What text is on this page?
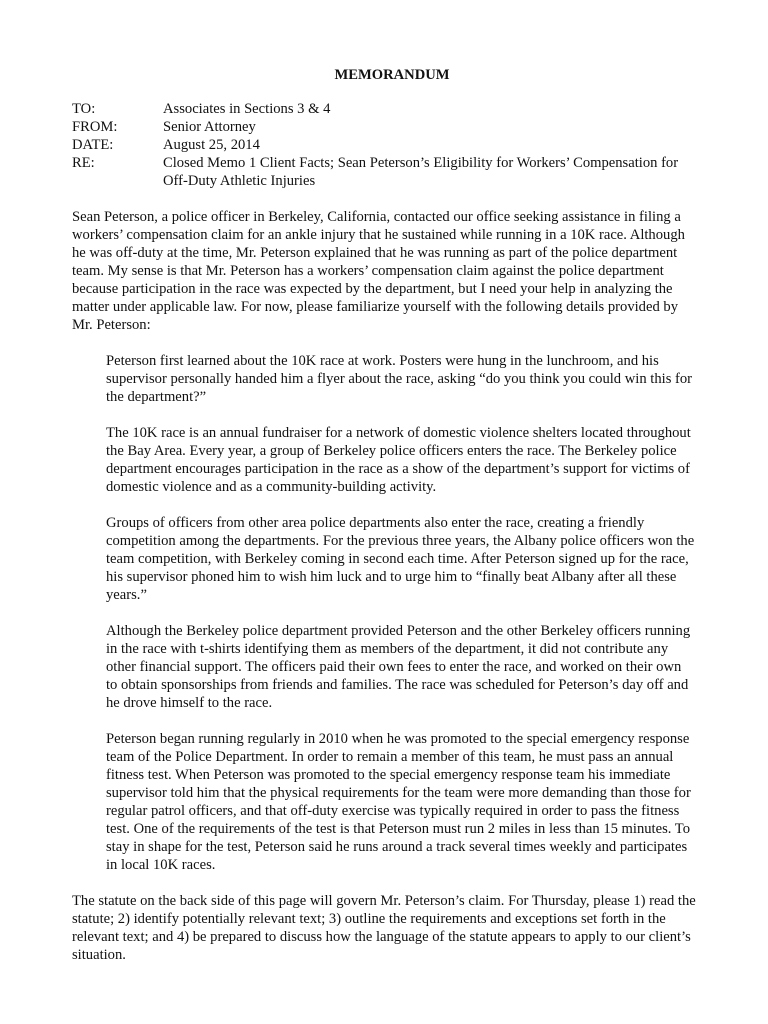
MEMORANDUM
TO:	Associates in Sections 3 & 4
FROM:	Senior Attorney
DATE:	August 25, 2014
RE:	Closed Memo 1 Client Facts; Sean Peterson’s Eligibility for Workers’ Compensation for Off-Duty Athletic Injuries

Sean Peterson, a police officer in Berkeley, California, contacted our office seeking assistance in filing a workers’ compensation claim for an ankle injury that he sustained while running in a 10K race. Although he was off-duty at the time, Mr. Peterson explained that he was running as part of the police department team. My sense is that Mr. Peterson has a workers’ compensation claim against the police department because participation in the race was expected by the department, but I need your help in analyzing the matter under applicable law. For now, please familiarize yourself with the following details provided by Mr. Peterson:

Peterson first learned about the 10K race at work. Posters were hung in the lunchroom, and his supervisor personally handed him a flyer about the race, asking “do you think you could win this for the department?”

The 10K race is an annual fundraiser for a network of domestic violence shelters located throughout the Bay Area. Every year, a group of Berkeley police officers enters the race. The Berkeley police department encourages participation in the race as a show of the department’s support for victims of domestic violence and as a community-building activity.

Groups of officers from other area police departments also enter the race, creating a friendly competition among the departments. For the previous three years, the Albany police officers won the team competition, with Berkeley coming in second each time. After Peterson signed up for the race, his supervisor phoned him to wish him luck and to urge him to “finally beat Albany after all these years.”

Although the Berkeley police department provided Peterson and the other Berkeley officers running in the race with t-shirts identifying them as members of the department, it did not contribute any other financial support. The officers paid their own fees to enter the race, and worked on their own to obtain sponsorships from friends and families. The race was scheduled for Peterson’s day off and he drove himself to the race.

Peterson began running regularly in 2010 when he was promoted to the special emergency response team of the Police Department. In order to remain a member of this team, he must pass an annual fitness test. When Peterson was promoted to the special emergency response team his immediate supervisor told him that the physical requirements for the team were more demanding than those for regular patrol officers, and that off-duty exercise was typically required in order to pass the fitness test. One of the requirements of the test is that Peterson must run 2 miles in less than 15 minutes. To stay in shape for the test, Peterson said he runs around a track several times weekly and participates in local 10K races.

The statute on the back side of this page will govern Mr. Peterson’s claim. For Thursday, please 1) read the statute; 2) identify potentially relevant text; 3) outline the requirements and exceptions set forth in the relevant text; and 4) be prepared to discuss how the language of the statute appears to apply to our client’s situation.
